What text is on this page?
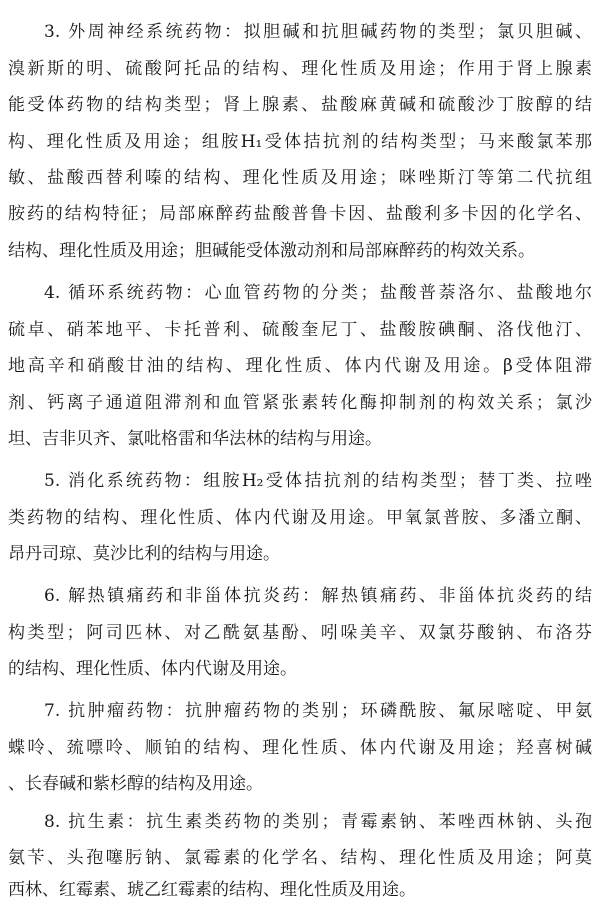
3. 外周神经系统药物：拟胆碱和抗胆碱药物的类型；氯贝胆碱、
溴新斯的明、硫酸阿托品的结构、理化性质及用途；作用于肾上腺素
能受体药物的结构类型；肾上腺素、盐酸麻黄碱和硫酸沙丁胺醇的结
构、理化性质及用途；组胺H₁受体拮抗剂的结构类型；马来酸氯苯那
敏、盐酸西替利嗪的结构、理化性质及用途；咪唑斯汀等第二代抗组
胺药的结构特征；局部麻醉药盐酸普鲁卡因、盐酸利多卡因的化学名、
结构、理化性质及用途；胆碱能受体激动剂和局部麻醉药的构效关系。
4. 循环系统药物：心血管药物的分类；盐酸普萘洛尔、盐酸地尔
硫卓、硝苯地平、卡托普利、硫酸奎尼丁、盐酸胺碘酮、洛伐他汀、
地高辛和硝酸甘油的结构、理化性质、体内代谢及用途。β受体阻滞
剂、钙离子通道阻滞剂和血管紧张素转化酶抑制剂的构效关系；氯沙
坦、吉非贝齐、氯吡格雷和华法林的结构与用途。
5. 消化系统药物：组胺H₂受体拮抗剂的结构类型；替丁类、拉唑
类药物的结构、理化性质、体内代谢及用途。甲氧氯普胺、多潘立酮、
昂丹司琼、莫沙比利的结构与用途。
6. 解热镇痛药和非甾体抗炎药：解热镇痛药、非甾体抗炎药的结
构类型；阿司匹林、对乙酰氨基酚、吲哚美辛、双氯芬酸钠、布洛芬
的结构、理化性质、体内代谢及用途。
7. 抗肿瘤药物：抗肿瘤药物的类别；环磷酰胺、氟尿嘧啶、甲氨
蝶呤、巯嘌呤、顺铂的结构、理化性质、体内代谢及用途；羟喜树碱
、长春碱和紫杉醇的结构及用途。
8. 抗生素：抗生素类药物的类别；青霉素钠、苯唑西林钠、头孢
氨苄、头孢噻肟钠、氯霉素的化学名、结构、理化性质及用途；阿莫
西林、红霉素、琥乙红霉素的结构、理化性质及用途。
